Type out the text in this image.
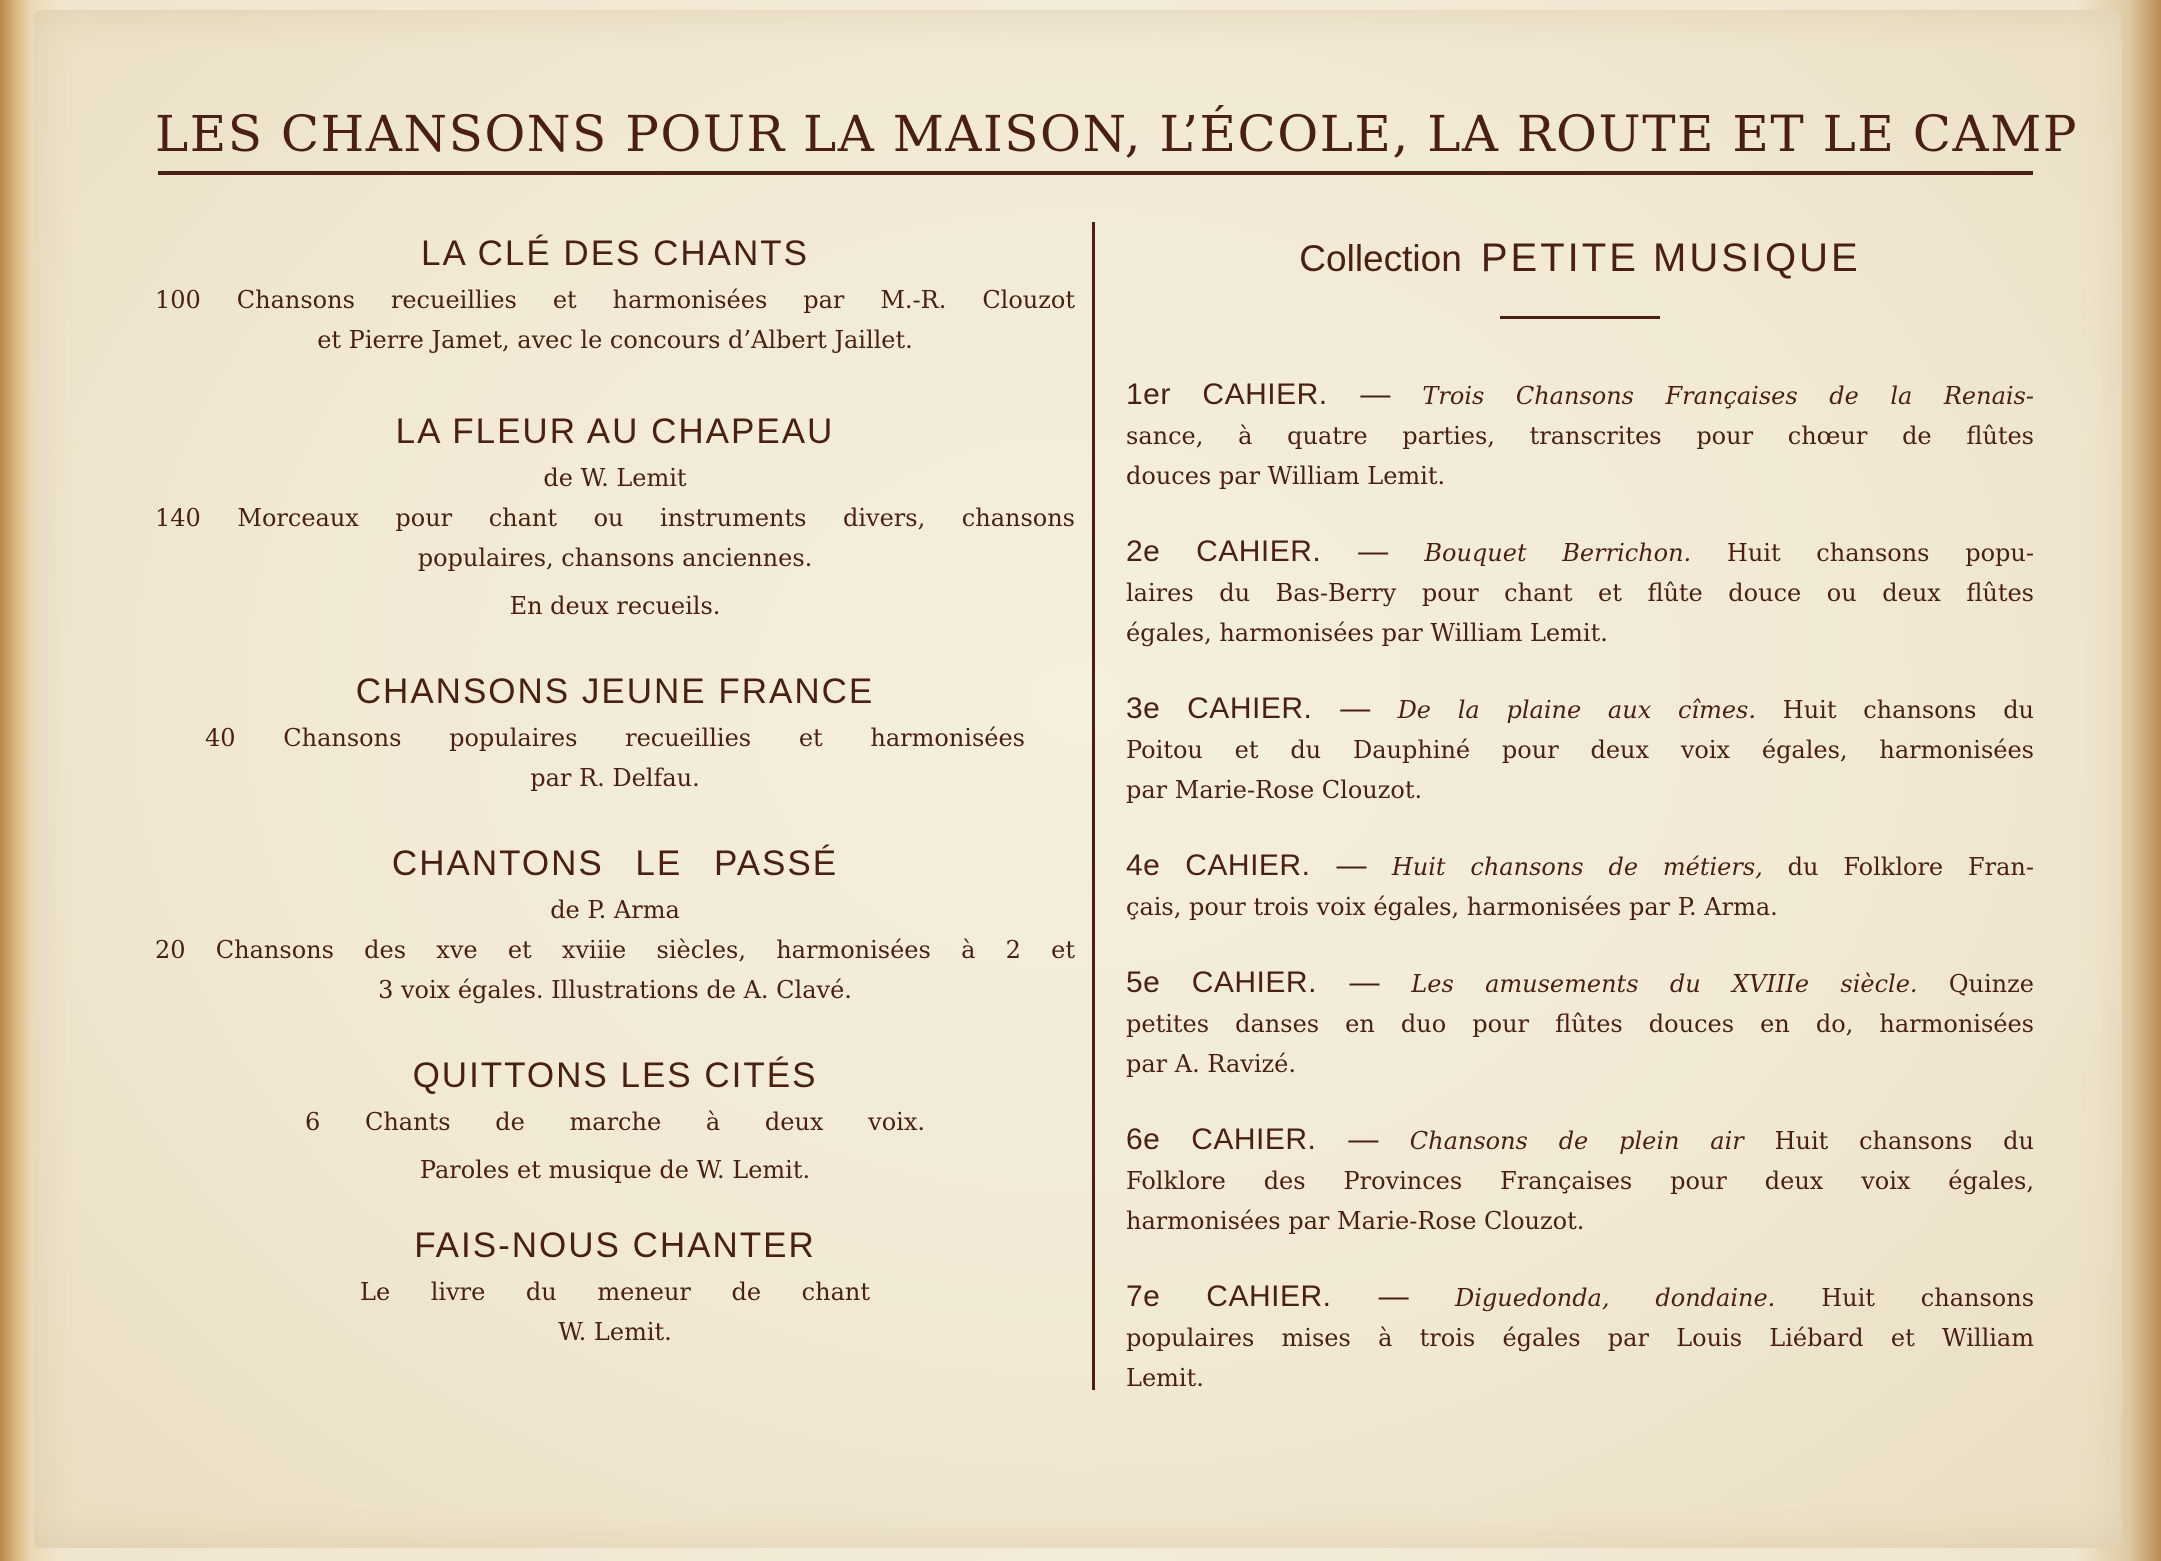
LES CHANSONS POUR LA MAISON, L’ÉCOLE, LA ROUTE ET LE CAMP
LA CLÉ DES CHANTS
100 Chansons recueillies et harmonisées par M.-R. Clouzot
et Pierre Jamet, avec le concours d’Albert Jaillet.
LA FLEUR AU CHAPEAU
de W. Lemit
140 Morceaux pour chant ou instruments divers, chansons
populaires, chansons anciennes.
En deux recueils.
CHANSONS JEUNE FRANCE
40 Chansons populaires recueillies et harmonisées
par R. Delfau.
CHANTONS LE PASSÉ
de P. Arma
20 Chansons des xve et xviiie siècles, harmonisées à 2 et
3 voix égales. Illustrations de A. Clavé.
QUITTONS LES CITÉS
6 Chants de marche à deux voix.
Paroles et musique de W. Lemit.
FAIS-NOUS CHANTER
Le livre du meneur de chant
W. Lemit.
Collection PETITE MUSIQUE
1er CAHIER. — Trois Chansons Françaises de la Renais-
sance, à quatre parties, transcrites pour chœur de flûtes
douces par William Lemit.
2e CAHIER. — Bouquet Berrichon. Huit chansons popu-
laires du Bas-Berry pour chant et flûte douce ou deux flûtes
égales, harmonisées par William Lemit.
3e CAHIER. — De la plaine aux cîmes. Huit chansons du
Poitou et du Dauphiné pour deux voix égales, harmonisées
par Marie-Rose Clouzot.
4e CAHIER. — Huit chansons de métiers, du Folklore Fran-
çais, pour trois voix égales, harmonisées par P. Arma.
5e CAHIER. — Les amusements du XVIIIe siècle. Quinze
petites danses en duo pour flûtes douces en do, harmonisées
par A. Ravizé.
6e CAHIER. — Chansons de plein air Huit chansons du
Folklore des Provinces Françaises pour deux voix égales,
harmonisées par Marie-Rose Clouzot.
7e CAHIER. — Diguedonda, dondaine. Huit chansons
populaires mises à trois égales par Louis Liébard et William
Lemit.
